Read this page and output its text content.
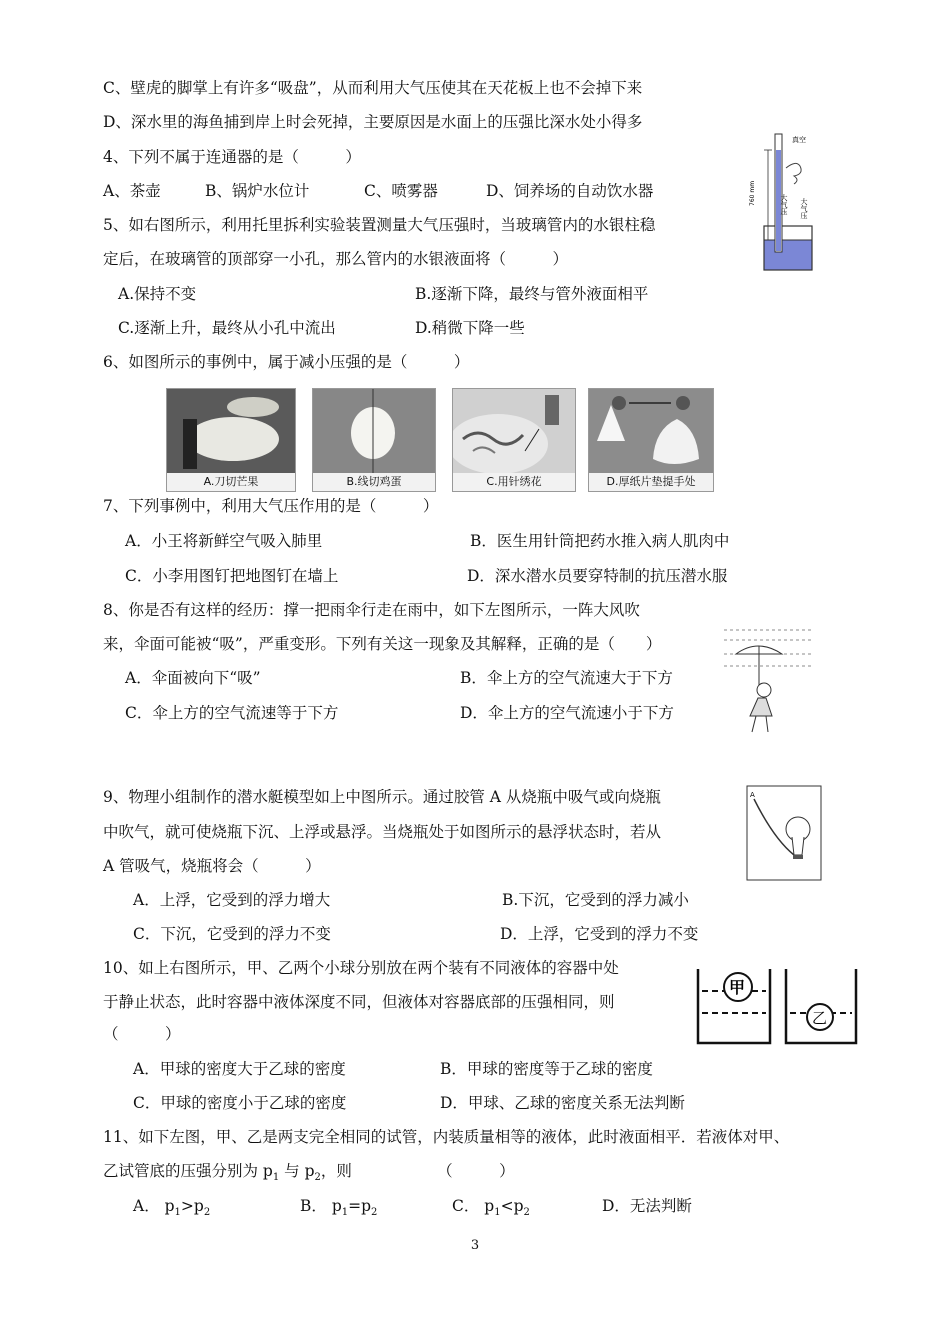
C、壁虎的脚掌上有许多“吸盘”，从而利用大气压使其在天花板上也不会掉下来
D、深水里的海鱼捕到岸上时会死掉，主要原因是水面上的压强比深水处小得多
4、下列不属于连通器的是（　　　）
A、茶壶	B、锅炉水位计	C、喷雾器	D、饲养场的自动饮水器
5、如右图所示，利用托里拆利实验装置测量大气压强时，当玻璃管内的水银柱稳
定后，在玻璃管的顶部穿一小孔，那么管内的水银液面将（　　　）
A.保持不变	B.逐渐下降，最终与管外液面相平
C.逐渐上升，最终从小孔中流出	D.稍微下降一些
真空
760 mm	大气压 大气压
6、如图所示的事例中，属于减小压强的是（　　　）
A.刀切芒果	B.线切鸡蛋	C.用针绣花	D.厚纸片垫提手处
7、下列事例中，利用大气压作用的是（　　　）
A．小王将新鲜空气吸入肺里	B．医生用针筒把药水推入病人肌肉中
C．小李用图钉把地图钉在墙上	D．深水潜水员要穿特制的抗压潜水服
8、你是否有这样的经历：撑一把雨伞行走在雨中，如下左图所示，一阵大风吹
来，伞面可能被“吸”，严重变形。下列有关这一现象及其解释，正确的是（　　）
A．伞面被向下“吸”	B．伞上方的空气流速大于下方
C．伞上方的空气流速等于下方	D．伞上方的空气流速小于下方
9、物理小组制作的潜水艇模型如上中图所示。通过胶管 A 从烧瓶中吸气或向烧瓶
中吹气，就可使烧瓶下沉、上浮或悬浮。当烧瓶处于如图所示的悬浮状态时，若从
A 管吸气，烧瓶将会（　　　）
A．上浮，它受到的浮力增大	B.下沉，它受到的浮力减小
C．下沉，它受到的浮力不变	D．上浮，它受到的浮力不变
A
10、如上右图所示，甲、乙两个小球分别放在两个装有不同液体的容器中处
于静止状态，此时容器中液体深度不同，但液体对容器底部的压强相同，则
（　　　）
A．甲球的密度大于乙球的密度	B．甲球的密度等于乙球的密度
C．甲球的密度小于乙球的密度	D．甲球、乙球的密度关系无法判断
甲
乙
11、如下左图，甲、乙是两支完全相同的试管，内装质量相等的液体，此时液面相平．若液体对甲、
乙试管底的压强分别为 $p_1$ 与 $p_2$，则　　　　　　（　　　）
A． $p_1>p_2$	B． $p_1=p_2$	C． $p_1<p_2$	D．无法判断
3
